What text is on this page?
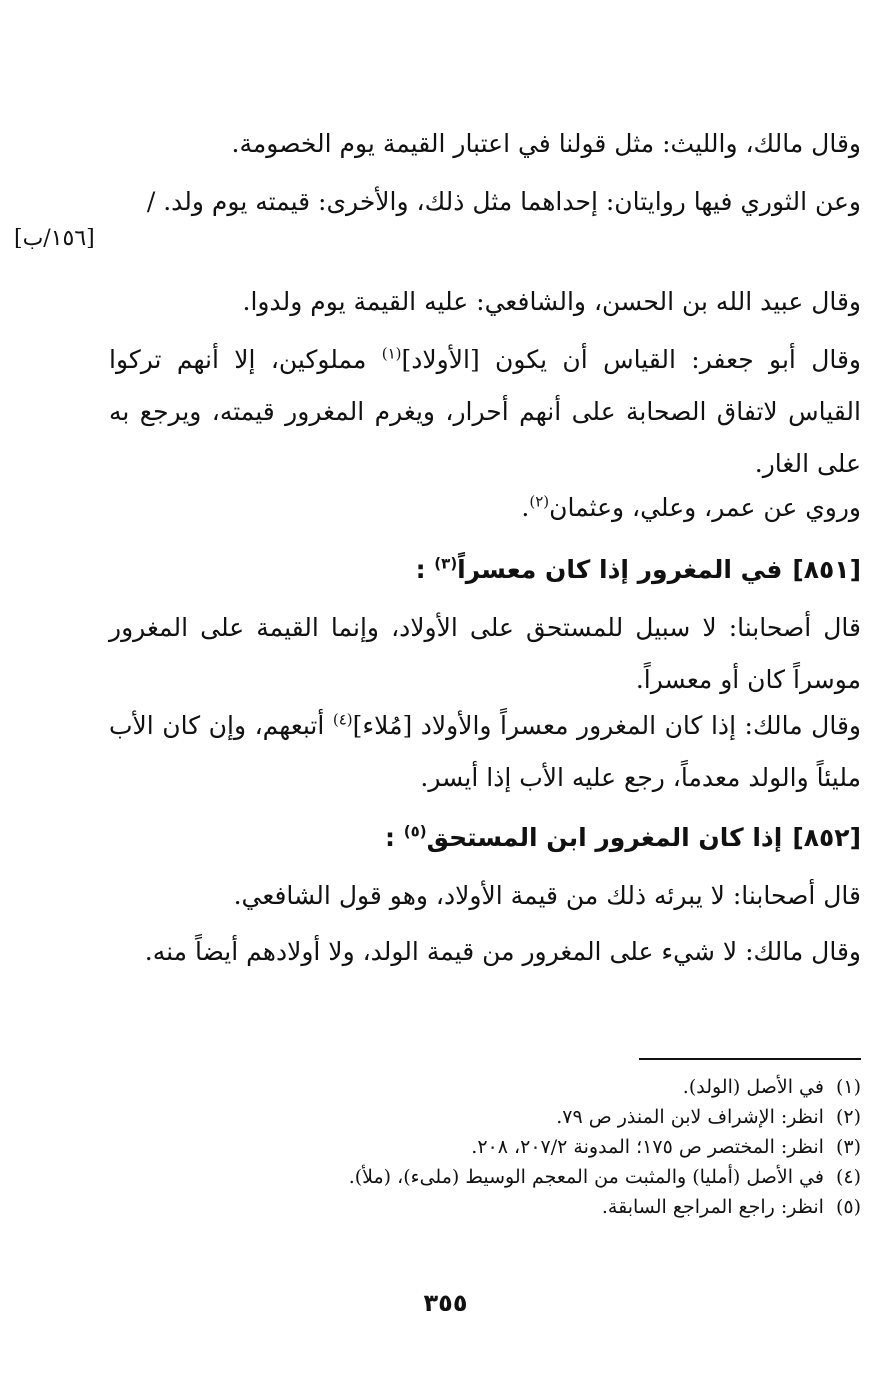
[١٥٦/ب]

وقال مالك، والليث: مثل قولنا في اعتبار القيمة يوم الخصومة.

وعن الثوري فيها روايتان: إحداهما مثل ذلك، والأخرى: قيمته يوم ولد. /

وقال عبيد الله بن الحسن، والشافعي: عليه القيمة يوم ولدوا.

وقال أبو جعفر: القياس أن يكون [الأولاد]$^{(١)}$ مملوكين، إلا أنهم تركوا القياس لاتفاق الصحابة على أنهم أحرار، ويغرم المغرور قيمته، ويرجع به على الغار.

وروي عن عمر، وعلي، وعثمان$^{(٢)}$.

[٨٥١]في المغرور إذا كان معسراً$^{(٣)}$ :

قال أصحابنا: لا سبيل للمستحق على الأولاد، وإنما القيمة على المغرور موسراً كان أو معسراً.

وقال مالك: إذا كان المغرور معسراً والأولاد [مُلاء]$^{(٤)}$ أتبعهم، وإن كان الأب مليئاً والولد معدماً، رجع عليه الأب إذا أيسر.

[٨٥٢]إذا كان المغرور ابن المستحق$^{(٥)}$ :

قال أصحابنا: لا يبرئه ذلك من قيمة الأولاد، وهو قول الشافعي.

وقال مالك: لا شيء على المغرور من قيمة الولد، ولا أولادهم أيضاً منه.

(١)في الأصل (الولد).
(٢)انظر: الإشراف لابن المنذر ص ٧٩.
(٣)انظر: المختصر ص ١٧٥؛ المدونة ٢٠٧/٢، ٢٠٨.
(٤)في الأصل (أمليا) والمثبت من المعجم الوسيط (ملىء)، (ملأ).
(٥)انظر: راجع المراجع السابقة.
٣٥٥
